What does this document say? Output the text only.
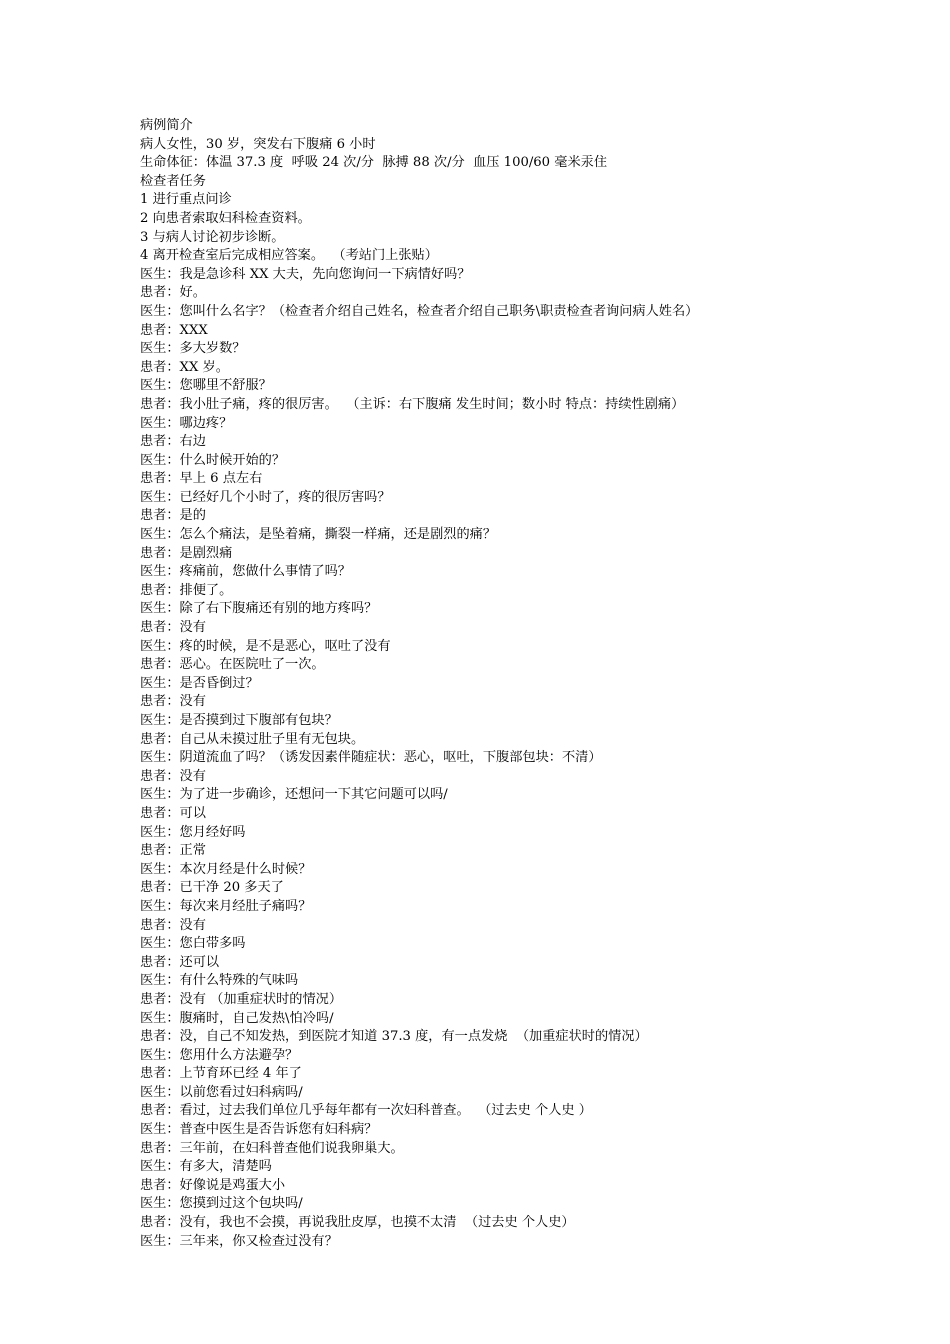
病例简介
病人女性，30 岁，突发右下腹痛 6 小时
生命体征：体温 37.3 度  呼吸 24 次/分  脉搏 88 次/分  血压 100/60 毫米汞住
检查者任务
1 进行重点问诊
2 向患者索取妇科检查资料。
3 与病人讨论初步诊断。
4 离开检查室后完成相应答案。  （考站门上张贴）
医生：我是急诊科 XX 大夫，先向您询问一下病情好吗？
患者：好。
医生：您叫什么名字？（检查者介绍自己姓名，检查者介绍自己职务\职责检查者询问病人姓名）
患者：XXX
医生：多大岁数？
患者：XX 岁。
医生：您哪里不舒服？
患者：我小肚子痛，疼的很厉害。  （主诉：右下腹痛 发生时间；数小时 特点：持续性剧痛）
医生：哪边疼？
患者：右边
医生：什么时候开始的？
患者：早上 6 点左右
医生：已经好几个小时了，疼的很厉害吗？
患者：是的
医生：怎么个痛法，是坠着痛，撕裂一样痛，还是剧烈的痛？
患者：是剧烈痛
医生：疼痛前，您做什么事情了吗？
患者：排便了。
医生：除了右下腹痛还有别的地方疼吗？
患者：没有
医生：疼的时候，是不是恶心，呕吐了没有
患者：恶心。在医院吐了一次。
医生：是否昏倒过？
患者：没有
医生：是否摸到过下腹部有包块？
患者：自己从未摸过肚子里有无包块。
医生：阴道流血了吗？（诱发因素伴随症状：恶心，呕吐，下腹部包块：不清）
患者：没有
医生：为了进一步确诊，还想问一下其它问题可以吗/
患者：可以
医生：您月经好吗
患者：正常
医生：本次月经是什么时候？
患者：已干净 20 多天了
医生：每次来月经肚子痛吗？
患者：没有
医生：您白带多吗
患者：还可以
医生：有什么特殊的气味吗
患者：没有 （加重症状时的情况）
医生：腹痛时，自己发热\怕冷吗/
患者：没，自己不知发热，到医院才知道 37.3 度，有一点发烧  （加重症状时的情况）
医生：您用什么方法避孕？
患者：上节育环已经 4 年了
医生：以前您看过妇科病吗/
患者：看过，过去我们单位几乎每年都有一次妇科普查。  （过去史 个人史 ）
医生：普查中医生是否告诉您有妇科病？
患者：三年前，在妇科普查他们说我卵巢大。
医生：有多大，清楚吗
患者：好像说是鸡蛋大小
医生：您摸到过这个包块吗/
患者：没有，我也不会摸，再说我肚皮厚，也摸不太清  （过去史 个人史）
医生：三年来，你又检查过没有？
